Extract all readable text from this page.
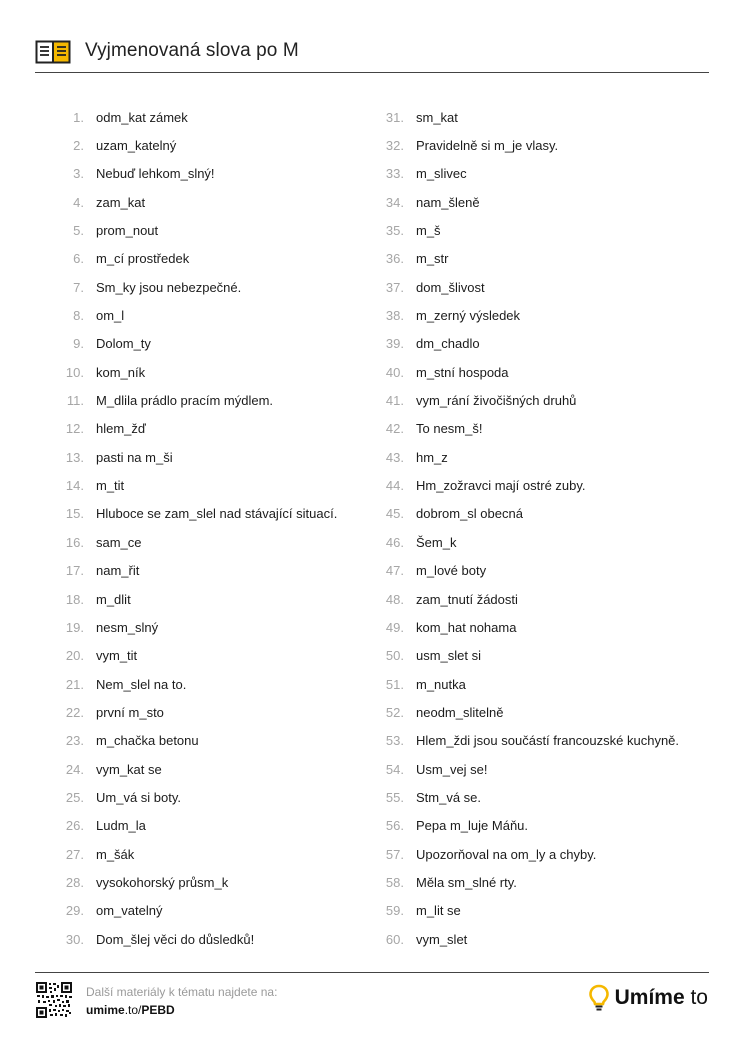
Vyjmenovaná slova po M
1. odm_kat zámek
2. uzam_katelný
3. Nebuď lehkom_slný!
4. zam_kat
5. prom_nout
6. m_cí prostředek
7. Sm_ky jsou nebezpečné.
8. om_l
9. Dolom_ty
10. kom_ník
11. M_dlila prádlo pracím mýdlem.
12. hlem_žď
13. pasti na m_ši
14. m_tit
15. Hluboce se zam_slel nad stávající situací.
16. sam_ce
17. nam_řit
18. m_dlit
19. nesm_slný
20. vym_tit
21. Nem_slel na to.
22. první m_sto
23. m_chačka betonu
24. vym_kat se
25. Um_vá si boty.
26. Ludm_la
27. m_šák
28. vysokohorský průsm_k
29. om_vatelný
30. Dom_šlej věci do důsledků!
31. sm_kat
32. Pravidelně si m_je vlasy.
33. m_slivec
34. nam_šleně
35. m_š
36. m_str
37. dom_šlivost
38. m_zerný výsledek
39. dm_chadlo
40. m_stní hospoda
41. vym_rání živočišných druhů
42. To nesm_š!
43. hm_z
44. Hm_zožravci mají ostré zuby.
45. dobrom_sl obecná
46. Šem_k
47. m_lové boty
48. zam_tnutí žádosti
49. kom_hat nohama
50. usm_slet si
51. m_nutka
52. neodm_slitelně
53. Hlem_ždi jsou součástí francouzské kuchyně.
54. Usm_vej se!
55. Stm_vá se.
56. Pepa m_luje Máňu.
57. Upozorňoval na om_ly a chyby.
58. Měla sm_slné rty.
59. m_lit se
60. vym_slet
Další materiály k tématu najdete na:
umime.to/PEBD
Umíme to
